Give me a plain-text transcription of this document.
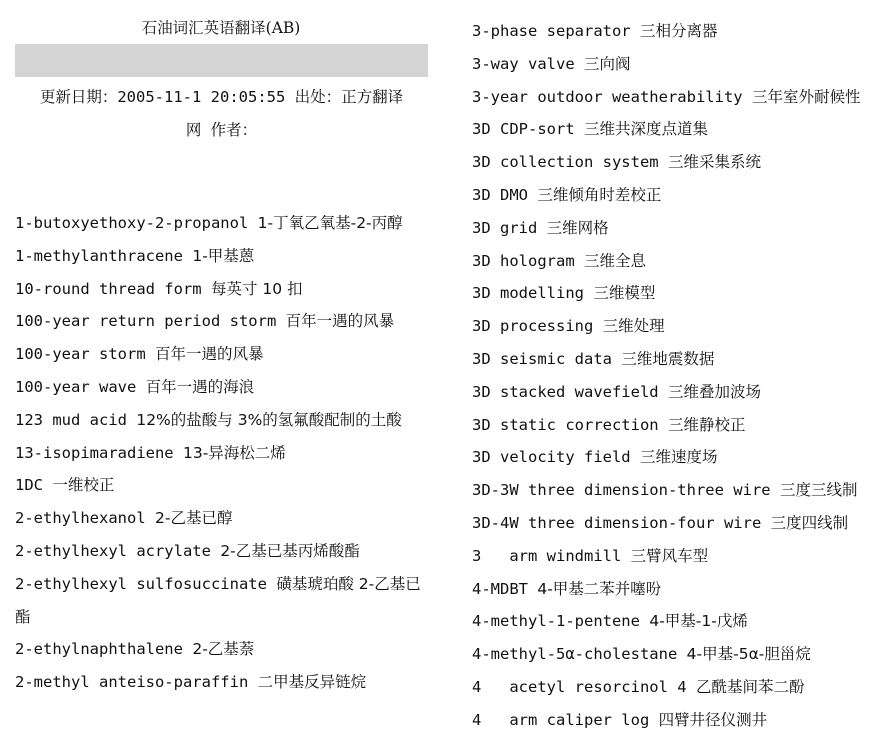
石油词汇英语翻译(AB)
更新日期：2005-11-1 20:05:55 出处：正方翻译
网 作者：
1-butoxyethoxy-2-propanol 1-丁氧乙氧基-2-丙醇
1-methylanthracene 1-甲基蒽
10-round thread form 每英寸 10 扣
100-year return period storm 百年一遇的风暴
100-year storm 百年一遇的风暴
100-year wave 百年一遇的海浪
123 mud acid 12%的盐酸与 3%的氢氟酸配制的土酸
13-isopimaradiene 13-异海松二烯
1DC 一维校正
2-ethylhexanol 2-乙基已醇
2-ethylhexyl acrylate 2-乙基已基丙烯酸酯
2-ethylhexyl sulfosuccinate 磺基琥珀酸 2-乙基已酯
2-ethylnaphthalene 2-乙基萘
2-methyl anteiso-paraffin 二甲基反异链烷
3-phase separator 三相分离器
3-way valve 三向阀
3-year outdoor weatherability 三年室外耐候性
3D CDP-sort 三维共深度点道集
3D collection system 三维采集系统
3D DMO 三维倾角时差校正
3D grid 三维网格
3D hologram 三维全息
3D modelling 三维模型
3D processing 三维处理
3D seismic data 三维地震数据
3D stacked wavefield 三维叠加波场
3D static correction 三维静校正
3D velocity field 三维速度场
3D-3W three dimension-three wire 三度三线制
3D-4W three dimension-four wire 三度四线制
3   arm windmill 三臂风车型
4-MDBT 4-甲基二苯并噻吩
4-methyl-1-pentene 4-甲基-1-戊烯
4-methyl-5α-cholestane 4-甲基-5α-胆甾烷
4   acetyl resorcinol 4 乙酰基间苯二酚
4   arm caliper log 四臂井径仪测井
